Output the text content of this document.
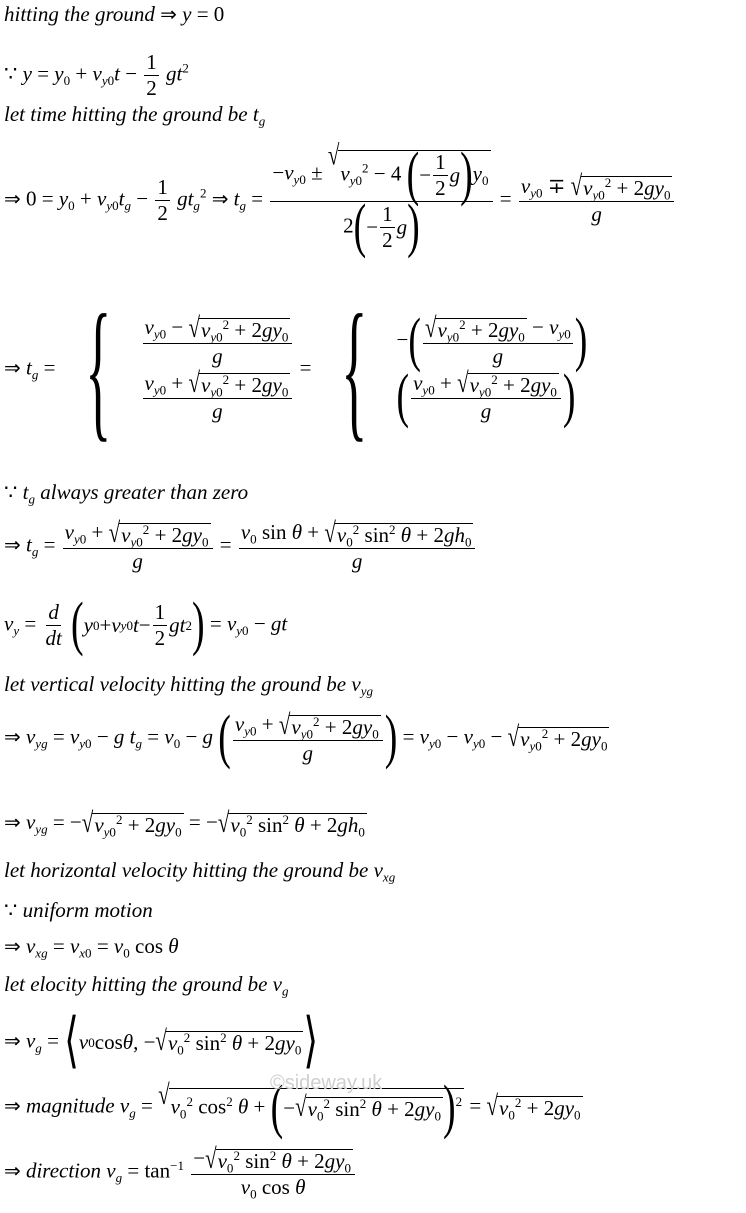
hitting the ground ⇒ y = 0
∵ $y = y_0 + v_{y0}t - \frac{1}{2} gt^2$
let time hitting the ground be $t_g$
⇒ $0 = y_0 + v_{y0}t_g - \frac{1}{2} gt_g^2$ ⇒ $t_g = -v_{y0}$ ±
√
$v_{y0}^2 - 4$ ( − $\frac{1}{2}$ g ) $y_0$
2 ( − $\frac{1}{2}$ g ) = $\frac{v_{y0} \mp √ v_{y0}^2 + 2gy_0}{g}$
⇒ $t_g$ = { $\frac{v_{y0} - √ v_{y0}^2 + 2gy_0}{g}$
$\frac{v_{y0} + √ v_{y0}^2 + 2gy_0}{g}$
= { − ( $\frac{√ v_{y0}^2 + 2gy_0 - v_{y0}}{g}$ )
( $\frac{v_{y0} + √ v_{y0}^2 + 2gy_0}{g}$ )
∵ $t_g$ always greater than zero
⇒ $t_g = \frac{v_{y0} + √ v_{y0}^2 + 2gy_0}{g} = \frac{v_0 \sin \theta + √ v_0^2 \sin^2 \theta + 2gh_0}{g}$
$v_y = \frac{d}{dt}$
( y 0 + v y0 $t - \frac{1}{2}$ gt 2 ) = $v_{y0}$ − gt
let vertical velocity hitting the ground be $v_{yg}$
⇒ $v_{yg} = v_{y0} - g$ $t_g = v_0 - g$ ( $\frac{v_{y0} + √ v_{y0}^2 + 2gy_0}{g}$ ) = $v_{y0} - v_{y0}$ − √ $v_{y0}^2 + 2gy_0$
⇒ $v_{yg}$ = − √ $v_{y0}^2 + 2gy_0$ = − √ $v_0^2$ $\sin^2 \theta + 2gh_0$
let horizontal velocity hitting the ground be $v_{xg}$
∵ uniform motion
⇒ $v_{xg} = v_{x0} = v_0$ cos θ
let elocity hitting the ground be $v_g$
⇒ $v_g$ = ⟨ v 0 cos θ , − √ $v_0^2$ $\sin^2 \theta + 2gy_0$ ⟩
⇒ magnitude $v_g$ = √ $v_0^2$ $\cos^2 \theta$ + ( − √ $v_0^2$ $\sin^2 \theta + 2gy_0$ ) $^2$ = √ $v_0^2 + 2gy_0$
⇒ direction $v_g = \tan^{-1} \frac{- √ v_0^2 \sin^2 \theta + 2gy_0}{v_0 \cos \theta}$
©sideway.uk
